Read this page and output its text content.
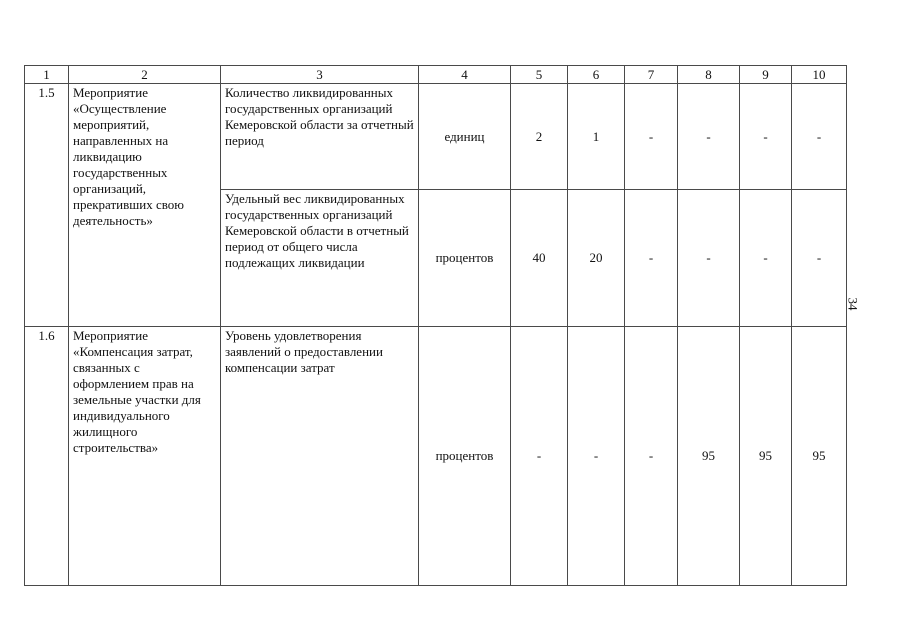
1	2	3	4	5	6	7	8	9	10
1.5	Мероприятие «Осуществление мероприятий, направленных на ликвидацию государственных организаций, прекративших свою деятельность»	Количество ликвидированных государственных организаций Кемеровской области за отчетный период	единиц	2	1	-	-	-	-
		Удельный вес ликвидированных государственных организаций Кемеровской области в отчетный период от общего числа подлежащих ликвидации	процентов	40	20	-	-	-	-
1.6	Мероприятие «Компенсация затрат, связанных с оформлением прав на земельные участки для индивидуального жилищного строительства»	Уровень удовлетворения заявлений о предоставлении компенсации затрат	процентов	-	-	-	95	95	95
34
